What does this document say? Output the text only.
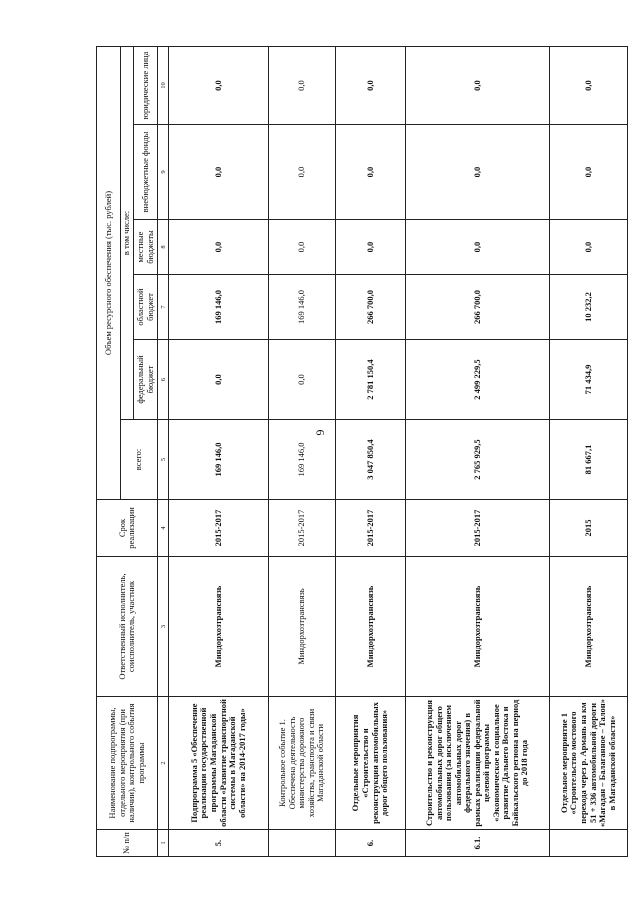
6
№ п/п	Наименование подпрограммы, отдельного мероприятия (при наличии), контрольного события программы	Ответственный исполнитель, соисполнитель, участник	Срок реализации	Объем ресурсного обеспечения (тыс. рублей)					
				всего:	в том числе:				
					федеральный бюджет	областной бюджет	местные бюджеты	внебюджетные фонды	юридические лица
1	2	3	4	5	6	7	8	9	10
5.	Подпрограмма 5 «Обеспечение реализации государственной программы Магаданской области «Развитие транспортной системы в Магаданской области» на 2014-2017 годы»	Миндорхозтрансвязь	2015-2017	169 146,0	0,0	169 146,0	0,0	0,0	0,0
	Контрольное событие 1. Обеспечена деятельность министерства дорожного хозяйства, транспорта и связи Магаданской области	Миндорхозтрансвязь	2015-2017	169 146,0	0,0	169 146,0	0,0	0,0	0,0
6.	Отдельные мероприятия «Строительство и реконструкция автомобильных дорог общего пользования»	Миндорхозтрансвязь	2015-2017	3 047 850,4	2 781 150,4	266 700,0	0,0	0,0	0,0
6.1.	Строительство и реконструкция автомобильных дорог общего пользования (за исключением автомобильных дорог федерального значения) в рамках реализации федеральной целевой программы «Экономическое и социальное развитие Дальнего Востока и Байкальского региона на период до 2018 года	Миндорхозтрансвязь	2015-2017	2 765 929,5	2 499 229,5	266 700,0	0,0	0,0	0,0
	Отдельное мероприятие 1 «Строительство мостового перехода через р. Армань на км 51 + 336 автомобильной дороги «Магадан – Балаганное – Талон» в Магаданской области»	Миндорхозтрансвязь	2015	81 667,1	71 434,9	10 232,2	0,0	0,0	0,0
